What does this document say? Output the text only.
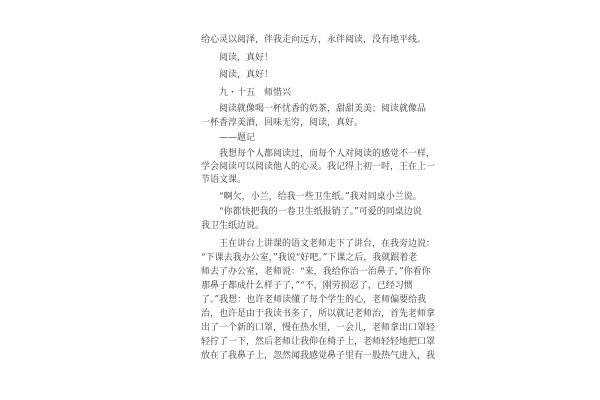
给心灵以阅泽，伴我走向远方，永伴阅读，没有地平线。
阅读，真好！
阅读，真好！
九・十五　师惜兴
阅读就像喝一杯忧香的奶茶，甜甜美美；阅读就像品
一杯香淳美酒，回味无穷，阅读，真好。
——题记
我想每个人都阅读过，而每个人对阅读的感觉不一样，
学会阅读可以阅读他人的心灵。我记得上初一时，王在上一
节语文课。
“啊欠，小兰，给我一些卫生纸。”我对同桌小兰说。
“你都快把我的一卷卫生纸报销了。”可爱的同桌边说
我卫生纸边说。
王在讲台上讲课的语文老师走下了讲台，在我旁边说：
“下课去我办公室，”我说“好吧。”下课之后，我就跟着老
师去了办公室，老师说：“来，我给你治一治鼻子，”你看你
那鼻子都成什么样子了，”“不，刚劳损忍了，已经习惯
了。”我想：也许老师读懂了每个学生的心，老师偏要给我
治，也许是由于我读书多了，所以就记老师治，首先老师拿
出了一个新的口罩，慢在热水里，一会儿，老师拿出口罩轻
轻拧了一下，然后老师让我仰在椅子上，老师轻轻地把口罩
放在了我鼻子上，忽然闻我感觉鼻子里有一股热气进入，我
